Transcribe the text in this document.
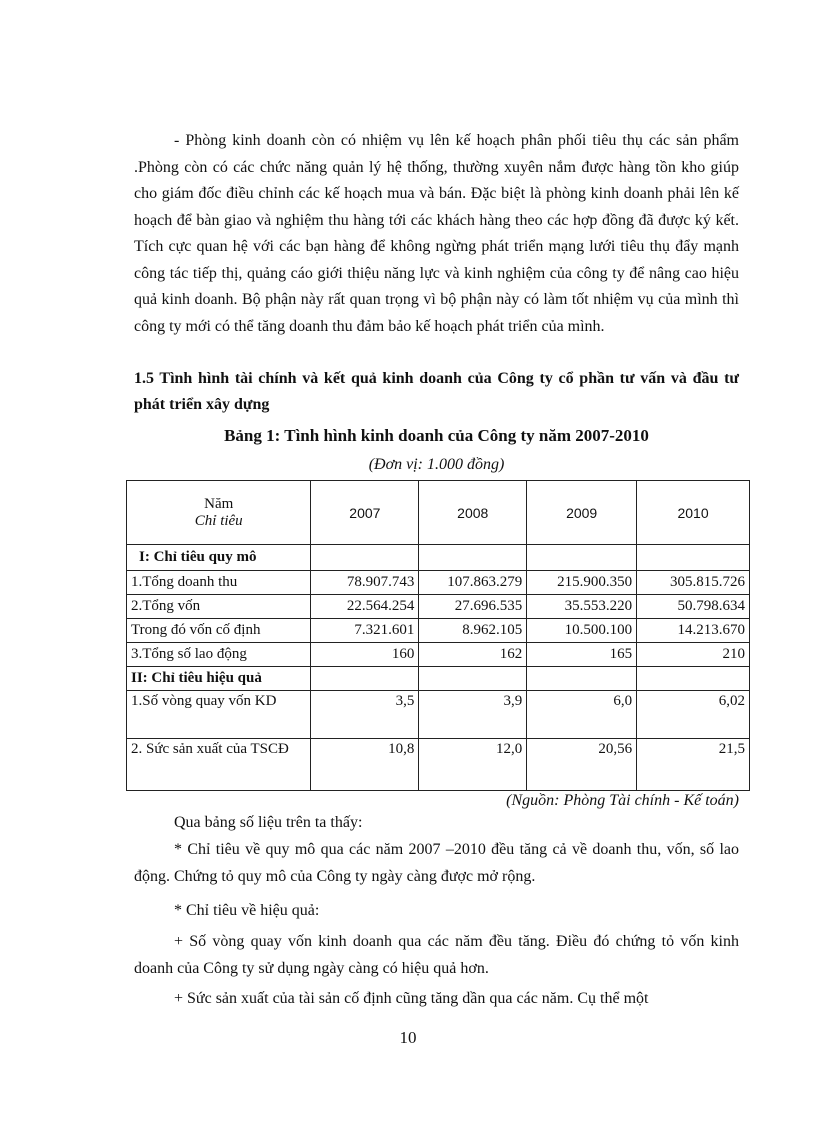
- Phòng kinh doanh còn có nhiệm vụ lên kế hoạch phân phối tiêu thụ các sản phẩm .Phòng còn có các chức năng quản lý hệ thống, thường xuyên nắm được hàng tồn kho giúp cho giám đốc điều chỉnh các kế hoạch mua và bán. Đặc biệt là phòng kinh doanh phải lên kế hoạch để bàn giao và nghiệm thu hàng tới các khách hàng theo các hợp đồng đã được ký kết. Tích cực quan hệ với các bạn hàng để không ngừng phát triển mạng lưới tiêu thụ đẩy mạnh công tác tiếp thị, quảng cáo giới thiệu năng lực và kinh nghiệm của công ty để nâng cao hiệu quả kinh doanh. Bộ phận này rất quan trọng vì bộ phận này có làm tốt nhiệm vụ của mình thì công ty mới có thể tăng doanh thu đảm bảo kế hoạch phát triển của mình.

1.5 Tình hình tài chính và kết quả kinh doanh của Công ty cổ phần tư vấn và đầu tư phát triển xây dựng

Bảng 1: Tình hình kinh doanh của Công ty năm 2007-2010

(Đơn vị: 1.000 đồng)

Năm
Chỉ tiêu	2007	2008	2009	2010
I: Chỉ tiêu quy mô				
1.Tổng doanh thu	78.907.743	107.863.279	215.900.350	305.815.726
2.Tổng vốn	22.564.254	27.696.535	35.553.220	50.798.634
Trong đó vốn cố định	7.321.601	8.962.105	10.500.100	14.213.670
3.Tổng số lao động	160	162	165	210
II: Chỉ tiêu hiệu quả				
1.Số vòng quay vốn KD	3,5	3,9	6,0	6,02
2. Sức sản xuất của TSCĐ	10,8	12,0	20,56	21,5

(Nguồn: Phòng Tài chính - Kế toán)

Qua bảng số liệu trên ta thấy:

* Chỉ tiêu về quy mô qua các năm 2007 –2010 đều tăng cả về doanh thu, vốn, số lao động. Chứng tỏ quy mô của Công ty ngày càng được mở rộng.

* Chỉ tiêu về hiệu quả:

+ Số vòng quay vốn kinh doanh qua các năm đều tăng. Điều đó chứng tỏ vốn kinh doanh của Công ty sử dụng ngày càng có hiệu quả hơn.

+ Sức sản xuất của tài sản cố định cũng tăng dần qua các năm. Cụ thể một

10
